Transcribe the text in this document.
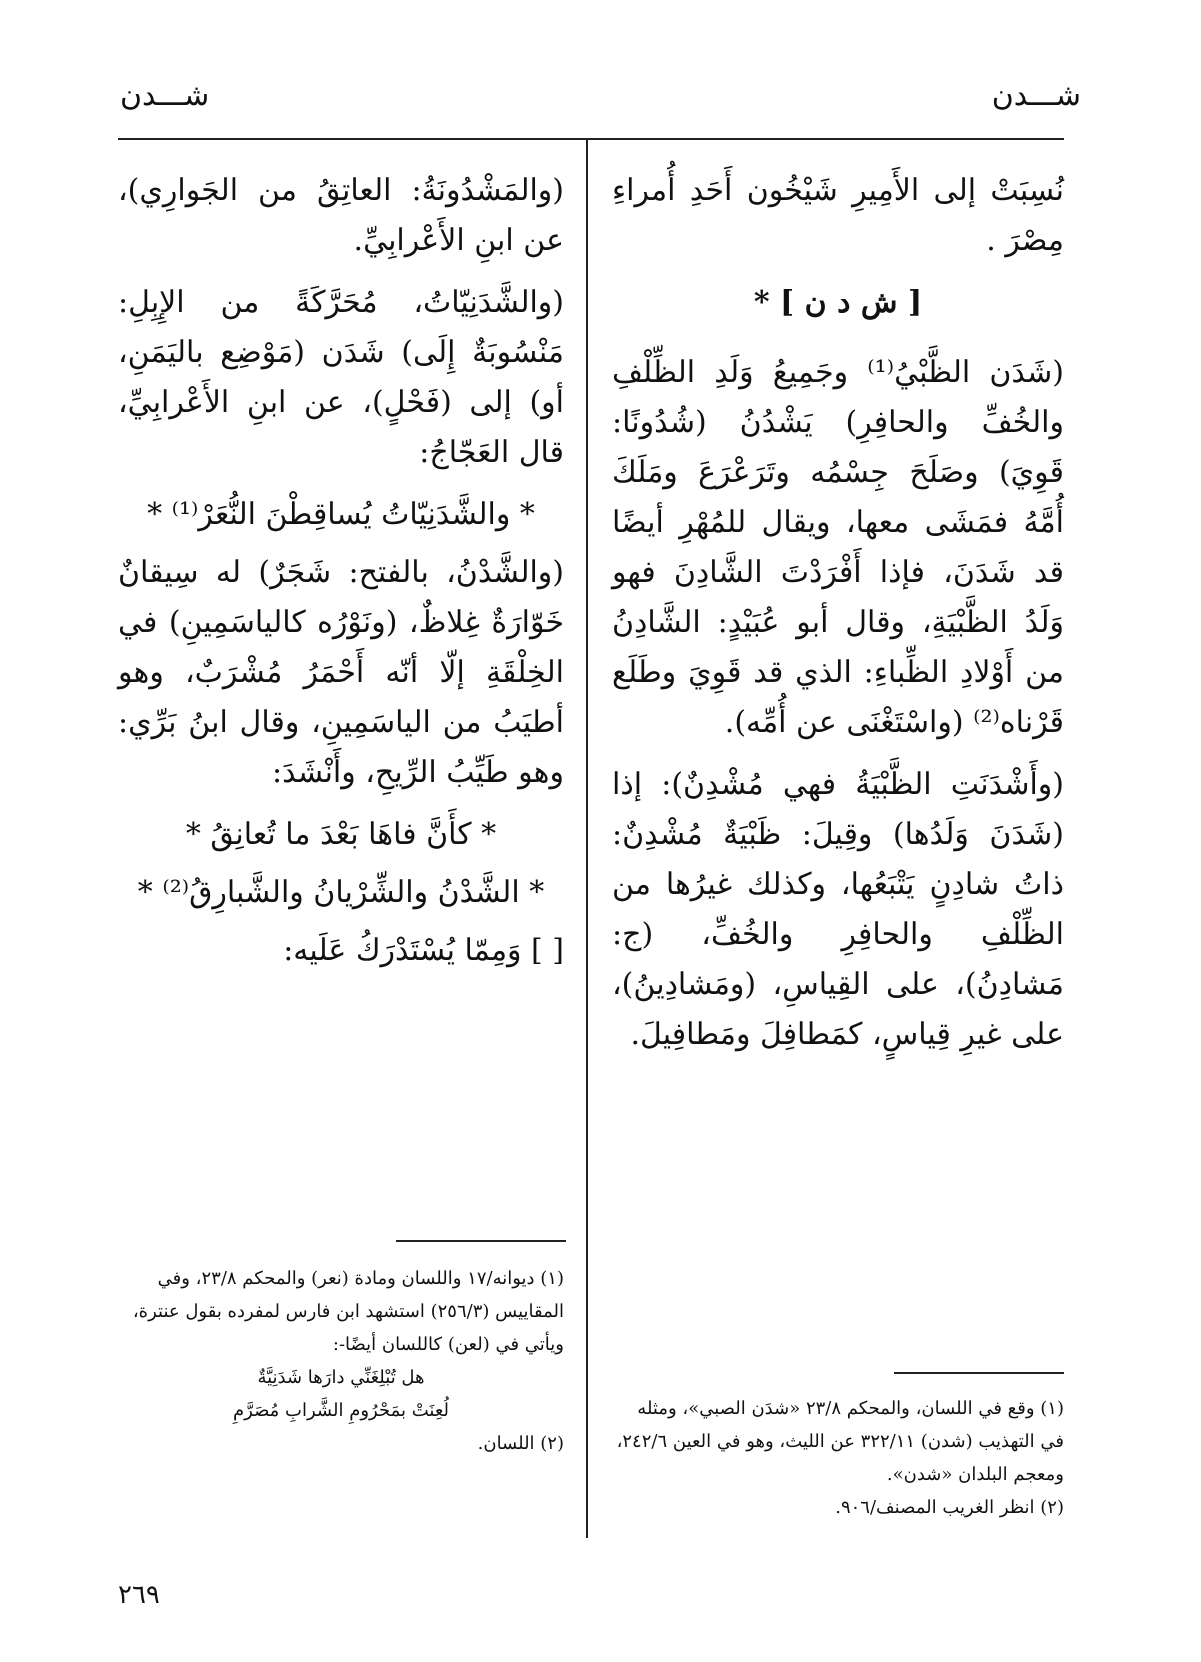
شـــدن
شـــدن

نُسِبَتْ إلى الأَمِيرِ شَيْخُون أَحَدِ أُمراءِ مِصْرَ .

[ ش د ن ] *

(شَدَن الظَّبْيُ⁽¹⁾ وجَمِيعُ وَلَدِ الظِّلْفِ والخُفِّ والحافِرِ) يَشْدُنُ (شُدُونًا: قَوِيَ) وصَلَحَ جِسْمُه وتَرَعْرَعَ ومَلَكَ أُمَّهُ فمَشَى معها، ويقال للمُهْرِ أيضًا قد شَدَنَ، فإذا أَفْرَدْتَ الشَّادِنَ فهو وَلَدُ الظَّبْيَةِ، وقال أبو عُبَيْدٍ: الشَّادِنُ من أَوْلادِ الظِّباءِ: الذي قد قَوِيَ وطَلَع قَرْناه⁽²⁾ (واسْتَغْنَى عن أُمِّه).

(وأَشْدَنَتِ الظَّبْيَةُ فهي مُشْدِنٌ): إذا (شَدَنَ وَلَدُها) وقِيلَ: ظَبْيَةٌ مُشْدِنٌ: ذاتُ شادِنٍ يَتْبَعُها، وكذلك غيرُها من الظِّلْفِ والحافِرِ والخُفِّ، (ج: مَشادِنُ)، على القِياسِ، (ومَشادِينُ)، على غيرِ قِياسٍ، كمَطافِلَ ومَطافِيلَ.

(والمَشْدُونَةُ: العاتِقُ من الجَوارِي)، عن ابنِ الأَعْرابِيِّ.

(والشَّدَنِيّاتُ، مُحَرَّكَةً من الإِبِلِ: مَنْسُوبَةٌ إِلَى) شَدَن (مَوْضِع باليَمَنِ، أو) إلى (فَحْلٍ)، عن ابنِ الأَعْرابِيِّ، قال العَجّاجُ:

* والشَّدَنِيّاتُ يُساقِطْنَ النُّعَرْ⁽¹⁾ *

(والشَّدْنُ، بالفتح: شَجَرٌ) له سِيقانٌ خَوّارَةٌ غِلاظٌ، (ونَوْرُه كالياسَمِينِ) في الخِلْقَةِ إلّا أنّه أَحْمَرُ مُشْرَبٌ، وهو أطيَبُ من الياسَمِينِ، وقال ابنُ بَرِّي: وهو طَيِّبُ الرِّيحِ، وأَنْشَدَ:

* كأَنَّ فاهَا بَعْدَ ما تُعانِقُ *

* الشَّدْنُ والشِّرْيانُ والشَّبارِقُ⁽²⁾ *

[ ] وَمِمّا يُسْتَدْرَكُ عَلَيه:

(١) وقع في اللسان، والمحكم ٢٣/٨ «شدَن الصبي»، ومثله في التهذيب (شدن) ٣٢٢/١١ عن الليث، وهو في العين ٢٤٢/٦، ومعجم البلدان «شدن».

(٢) انظر الغريب المصنف/٩٠٦.

(١) ديوانه/١٧ واللسان ومادة (نعر) والمحكم ٢٣/٨، وفي المقاييس (٢٥٦/٣) استشهد ابن فارس لمفرده بقول عنترة، ويأتي في (لعن) كاللسان أيضًا-:

هل تُبْلِغَنِّي دارَها شَدَنِيَّةٌ

لُعِنَتْ بمَحْرُومِ الشَّرابِ مُصَرَّمِ

(٢) اللسان.

٢٦٩
